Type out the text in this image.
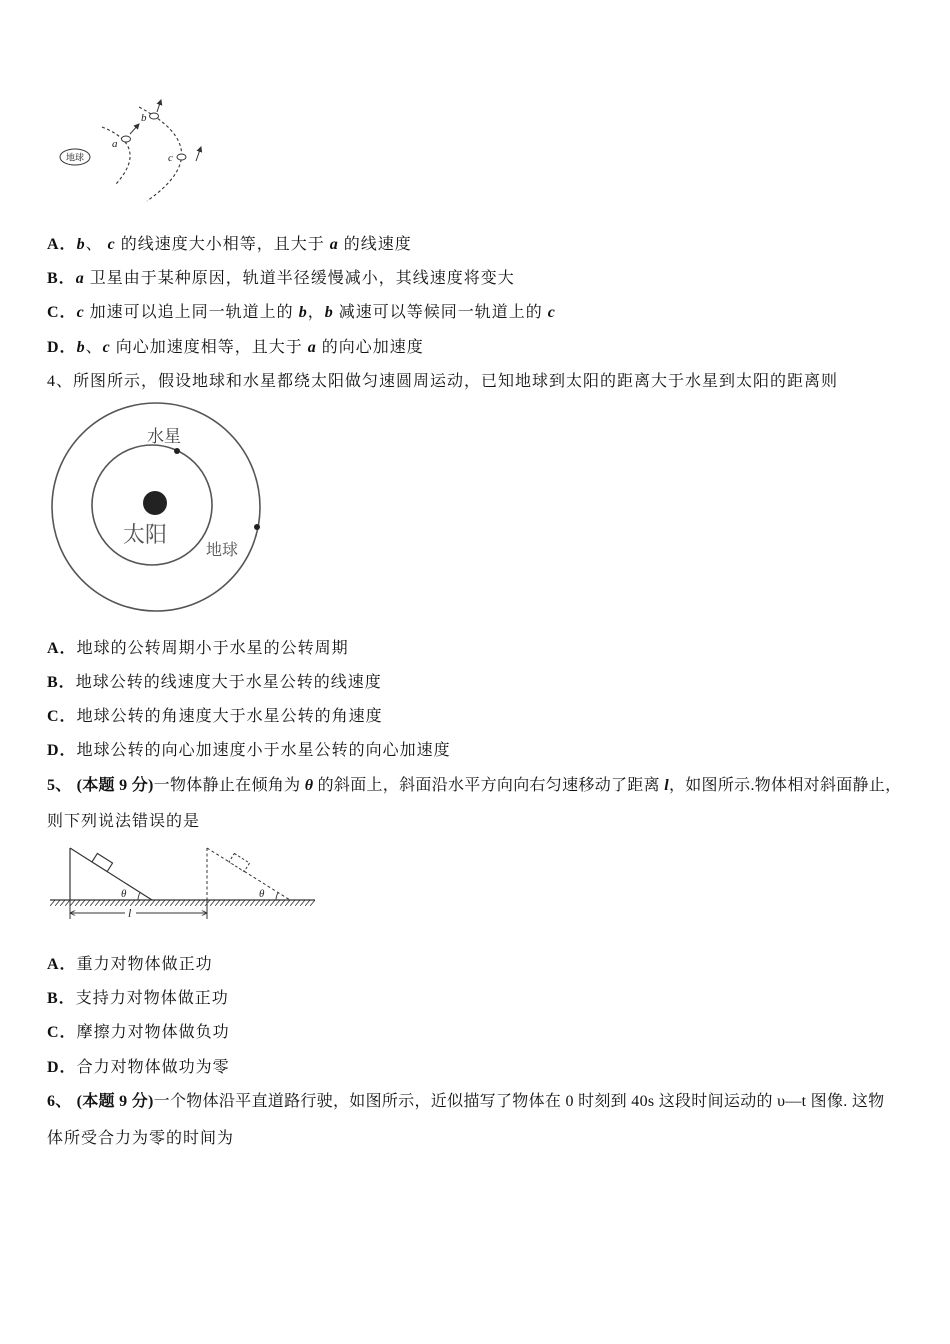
地球
a
b
c
A．b、 c 的线速度大小相等，且大于 a 的线速度
B．a 卫星由于某种原因，轨道半径缓慢减小，其线速度将变大
C．c 加速可以追上同一轨道上的 b，b 减速可以等候同一轨道上的 c
D．b、c 向心加速度相等，且大于 a 的向心加速度
4、所图所示，假设地球和水星都绕太阳做匀速圆周运动，已知地球到太阳的距离大于水星到太阳的距离则
水星
太阳
地球
A．地球的公转周期小于水星的公转周期
B．地球公转的线速度大于水星公转的线速度
C．地球公转的角速度大于水星公转的角速度
D．地球公转的向心加速度小于水星公转的向心加速度
5、 (本题 9 分)一物体静止在倾角为 θ 的斜面上，斜面沿水平方向向右匀速移动了距离 l，如图所示.物体相对斜面静止，
则下列说法错误的是
θ	θ
l
A．重力对物体做正功
B．支持力对物体做正功
C．摩擦力对物体做负功
D．合力对物体做功为零
6、 (本题 9 分)一个物体沿平直道路行驶，如图所示，近似描写了物体在 0 时刻到 40s 这段时间运动的 υ—t 图像. 这物
体所受合力为零的时间为
